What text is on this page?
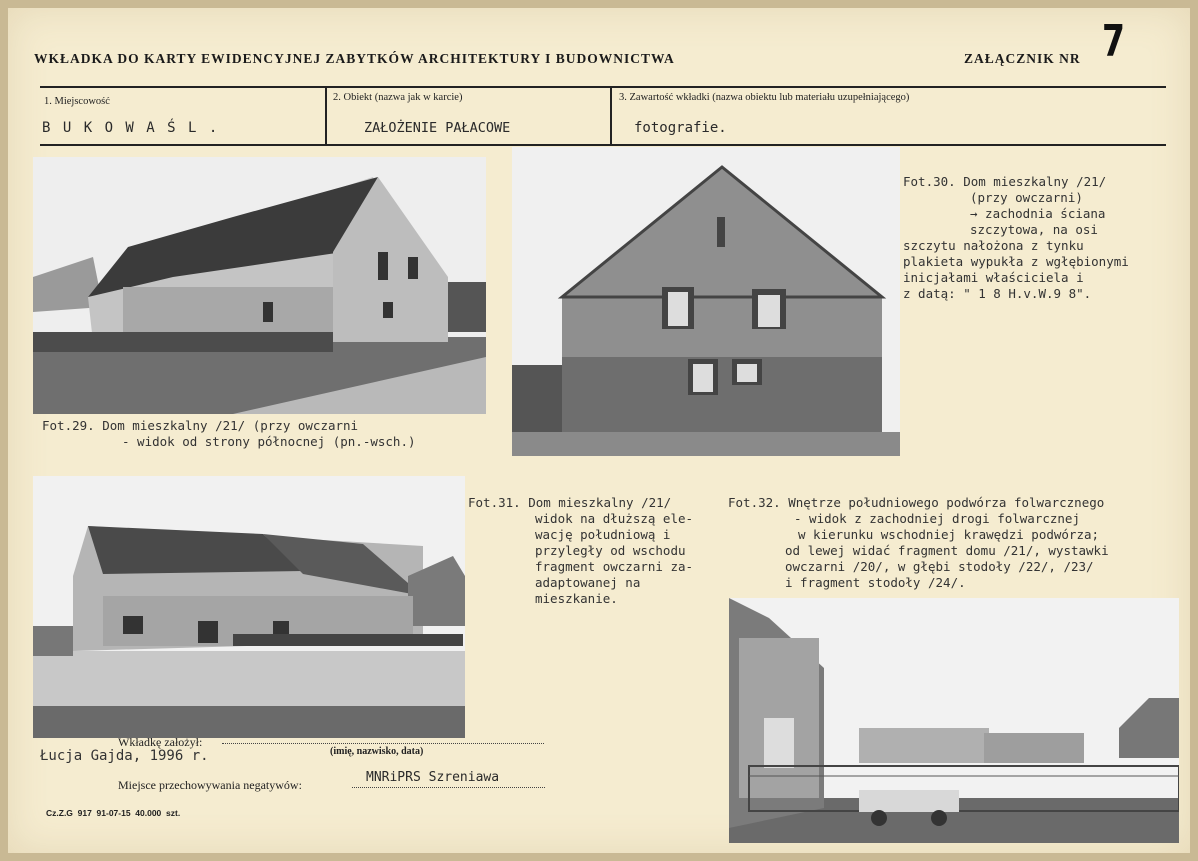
WKŁADKA DO KARTY EWIDENCYJNEJ ZABYTKÓW ARCHITEKTURY I BUDOWNICTWA	ZAŁĄCZNIK NR 7
1. Miejscowość
B U K O W A Ś L .
2. Obiekt (nazwa jak w karcie)
ZAŁOŻENIE PAŁACOWE
3. Zawartość wkładki (nazwa obiektu lub materiału uzupełniającego)
fotografie.
Fot.29. Dom mieszkalny /21/ (przy owczarni
- widok od strony północnej (pn.-wsch.)
Fot.30. Dom mieszkalny /21/
(przy owczarni)
→ zachodnia ściana
szczytowa, na osi
szczytu nałożona z tynku
plakieta wypukła z wgłębionymi
inicjałami właściciela i
z datą: " 1 8 H.v.W.9 8".
Fot.31. Dom mieszkalny /21/
widok na dłuższą ele-
wację południową i
przyległy od wschodu
fragment owczarni za-
adaptowanej na
mieszkanie.
Fot.32. Wnętrze południowego podwórza folwarcznego
- widok z zachodniej drogi folwarcznej
w kierunku wschodniej krawędzi podwórza;
od lewej widać fragment domu /21/, wystawki
owczarni /20/, w głębi stodoły /22/, /23/
i fragment stodoły /24/.
Wkładkę założył:
(imię, nazwisko, data)
Łucja Gajda, 1996 r.
Miejsce przechowywania negatywów:	MNRiPRS Szreniawa
Cz.Z.G  917  91-07-15  40.000  szt.
